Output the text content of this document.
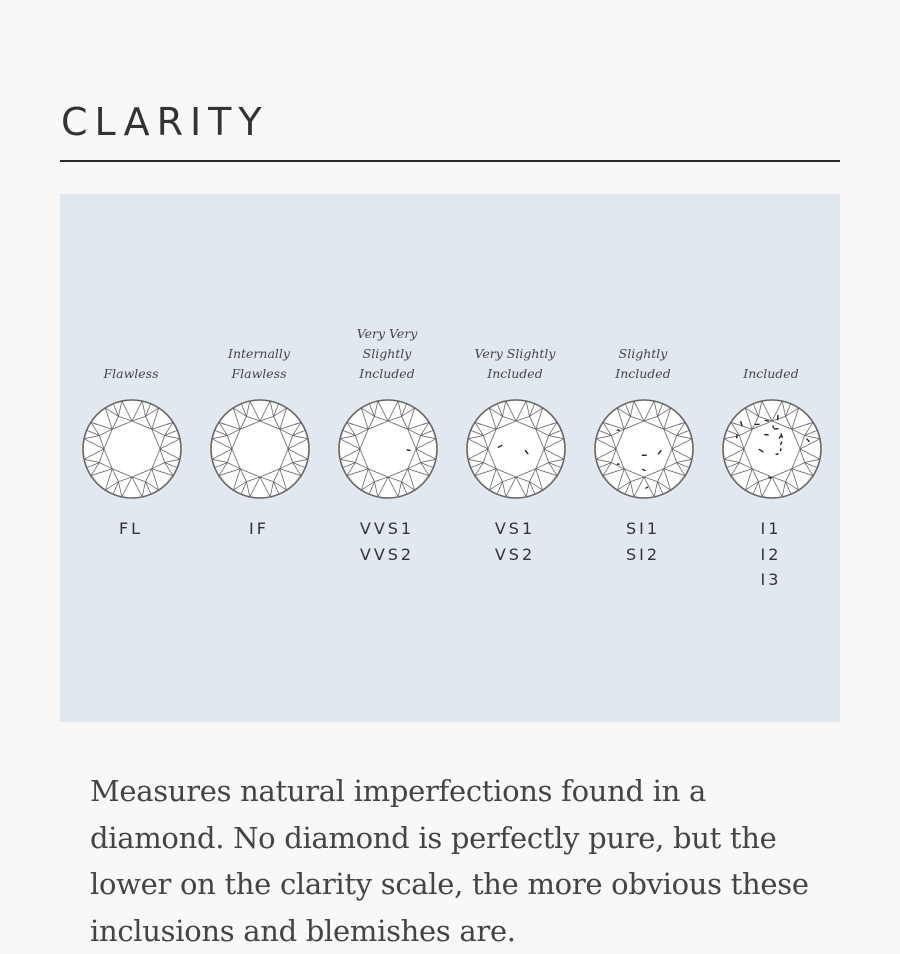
CLARITY
Flawless
FL
Internally
Flawless
IF
Very Very
Slightly
Included
VVS1
VVS2
Very Slightly
Included
VS1
VS2
Slightly
Included
SI1
SI2
Included
I1
I2
I3

Measures natural imperfections found in a diamond. No diamond is perfectly pure, but the lower on the clarity scale, the more obvious these inclusions and blemishes are.
